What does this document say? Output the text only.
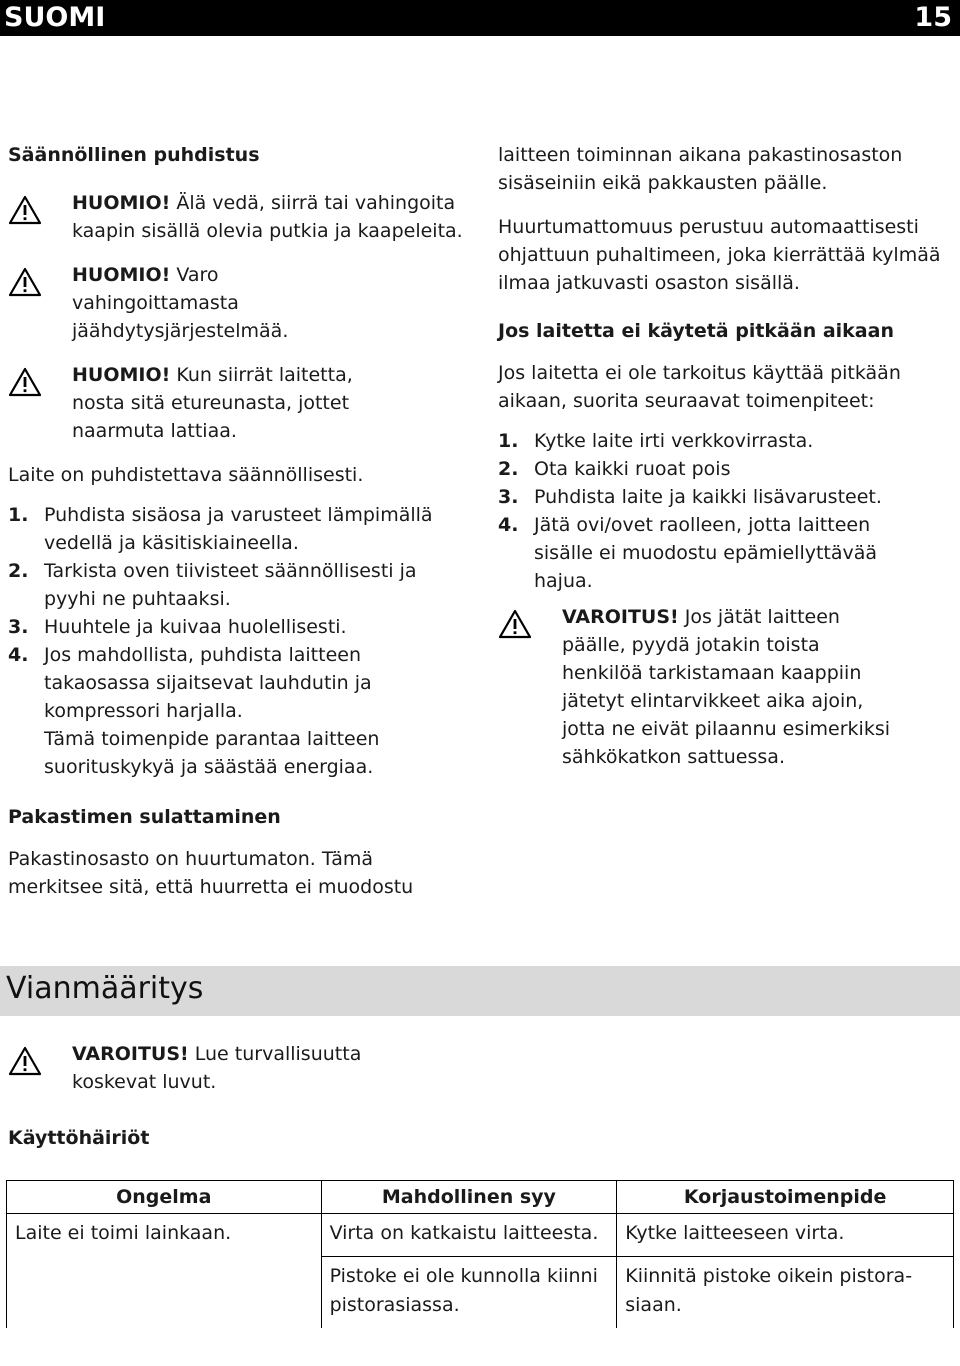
SUOMI	15

Säännöllinen puhdistus

HUOMIO! Älä vedä, siirrä tai vahingoita kaapin sisällä olevia putkia ja kaapeleita.

HUOMIO! Varo vahingoittamasta jäähdytysjärjestelmää.

HUOMIO! Kun siirrät laitetta, nosta sitä etureunasta, jottet naarmuta lattiaa.

Laite on puhdistettava säännöllisesti.

1. Puhdista sisäosa ja varusteet lämpimällä vedellä ja käsitiskiaineella.
2. Tarkista oven tiivisteet säännöllisesti ja pyyhi ne puhtaaksi.
3. Huuhtele ja kuivaa huolellisesti.
4. Jos mahdollista, puhdista laitteen takaosassa sijaitsevat lauhdutin ja kompressori harjalla.
Tämä toimenpide parantaa laitteen suorituskykyä ja säästää energiaa.

Pakastimen sulattaminen

Pakastinosasto on huurtumaton. Tämä merkitsee sitä, että huurretta ei muodostu

laitteen toiminnan aikana pakastinosaston sisäseiniin eikä pakkausten päälle.

Huurtumattomuus perustuu automaattisesti ohjattuun puhaltimeen, joka kierrättää kylmää ilmaa jatkuvasti osaston sisällä.

Jos laitetta ei käytetä pitkään aikaan

Jos laitetta ei ole tarkoitus käyttää pitkään aikaan, suorita seuraavat toimenpiteet:

1. Kytke laite irti verkkovirrasta.
2. Ota kaikki ruoat pois
3. Puhdista laite ja kaikki lisävarusteet.
4. Jätä ovi/ovet raolleen, jotta laitteen sisälle ei muodostu epämiellyttävää hajua.

VAROITUS! Jos jätät laitteen päälle, pyydä jotakin toista henkilöä tarkistamaan kaappiin jätetyt elintarvikkeet aika ajoin, jotta ne eivät pilaannu esimerkiksi sähkökatkon sattuessa.

Vianmääritys

VAROITUS! Lue turvallisuutta koskevat luvut.

Käyttöhäiriöt

Ongelma	Mahdollinen syy	Korjaustoimenpide
Laite ei toimi lainkaan.	Virta on katkaistu laitteesta.	Kytke laitteeseen virta.
	Pistoke ei ole kunnolla kiinni pistorasiassa.	Kiinnitä pistoke oikein pistorasiaan.
